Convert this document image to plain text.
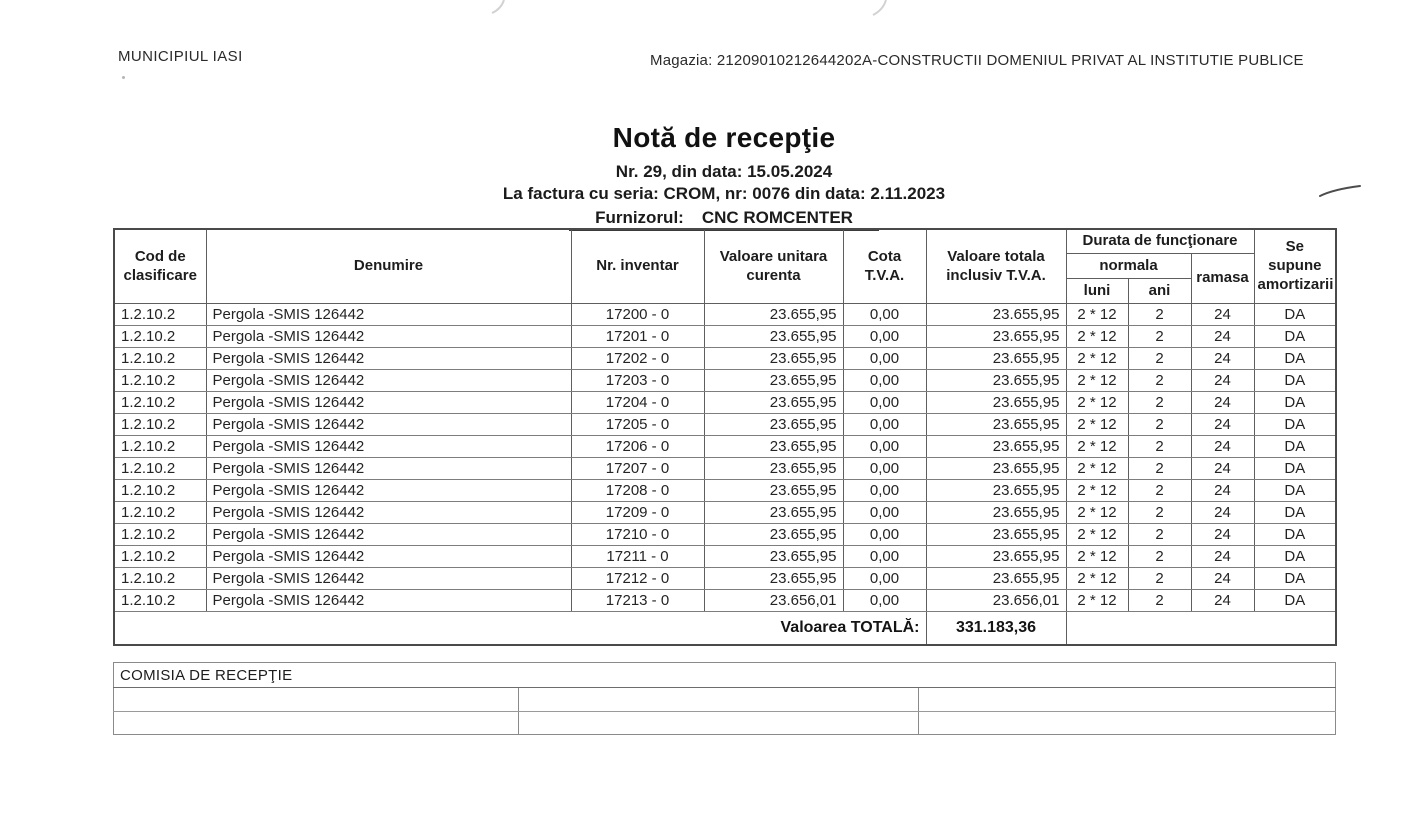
MUNICIPIUL IASI	Magazia: 21209010212644202A-CONSTRUCTII DOMENIUL PRIVAT AL INSTITUTIE PUBLICE
Notă de recepţie
Nr. 29, din data: 15.05.2024
La factura cu seria: CROM, nr: 0076 din data: 2.11.2023
Furnizorul: CNC ROMCENTER
Cod de clasificare	Denumire	Nr. inventar	Valoare unitara curenta	Cota T.V.A.	Valoare totala inclusiv T.V.A.	Durata de funcţionare			Se supune amortizarii
						normala		ramasa	
						luni	ani		
1.2.10.2	Pergola -SMIS 126442	17200 - 0	23.655,95	0,00	23.655,95	2 * 12	2	24	DA
1.2.10.2	Pergola -SMIS 126442	17201 - 0	23.655,95	0,00	23.655,95	2 * 12	2	24	DA
1.2.10.2	Pergola -SMIS 126442	17202 - 0	23.655,95	0,00	23.655,95	2 * 12	2	24	DA
1.2.10.2	Pergola -SMIS 126442	17203 - 0	23.655,95	0,00	23.655,95	2 * 12	2	24	DA
1.2.10.2	Pergola -SMIS 126442	17204 - 0	23.655,95	0,00	23.655,95	2 * 12	2	24	DA
1.2.10.2	Pergola -SMIS 126442	17205 - 0	23.655,95	0,00	23.655,95	2 * 12	2	24	DA
1.2.10.2	Pergola -SMIS 126442	17206 - 0	23.655,95	0,00	23.655,95	2 * 12	2	24	DA
1.2.10.2	Pergola -SMIS 126442	17207 - 0	23.655,95	0,00	23.655,95	2 * 12	2	24	DA
1.2.10.2	Pergola -SMIS 126442	17208 - 0	23.655,95	0,00	23.655,95	2 * 12	2	24	DA
1.2.10.2	Pergola -SMIS 126442	17209 - 0	23.655,95	0,00	23.655,95	2 * 12	2	24	DA
1.2.10.2	Pergola -SMIS 126442	17210 - 0	23.655,95	0,00	23.655,95	2 * 12	2	24	DA
1.2.10.2	Pergola -SMIS 126442	17211 - 0	23.655,95	0,00	23.655,95	2 * 12	2	24	DA
1.2.10.2	Pergola -SMIS 126442	17212 - 0	23.655,95	0,00	23.655,95	2 * 12	2	24	DA
1.2.10.2	Pergola -SMIS 126442	17213 - 0	23.656,01	0,00	23.656,01	2 * 12	2	24	DA
Valoarea TOTALĂ:					331.183,36				
COMISIA DE RECEPŢIE		
